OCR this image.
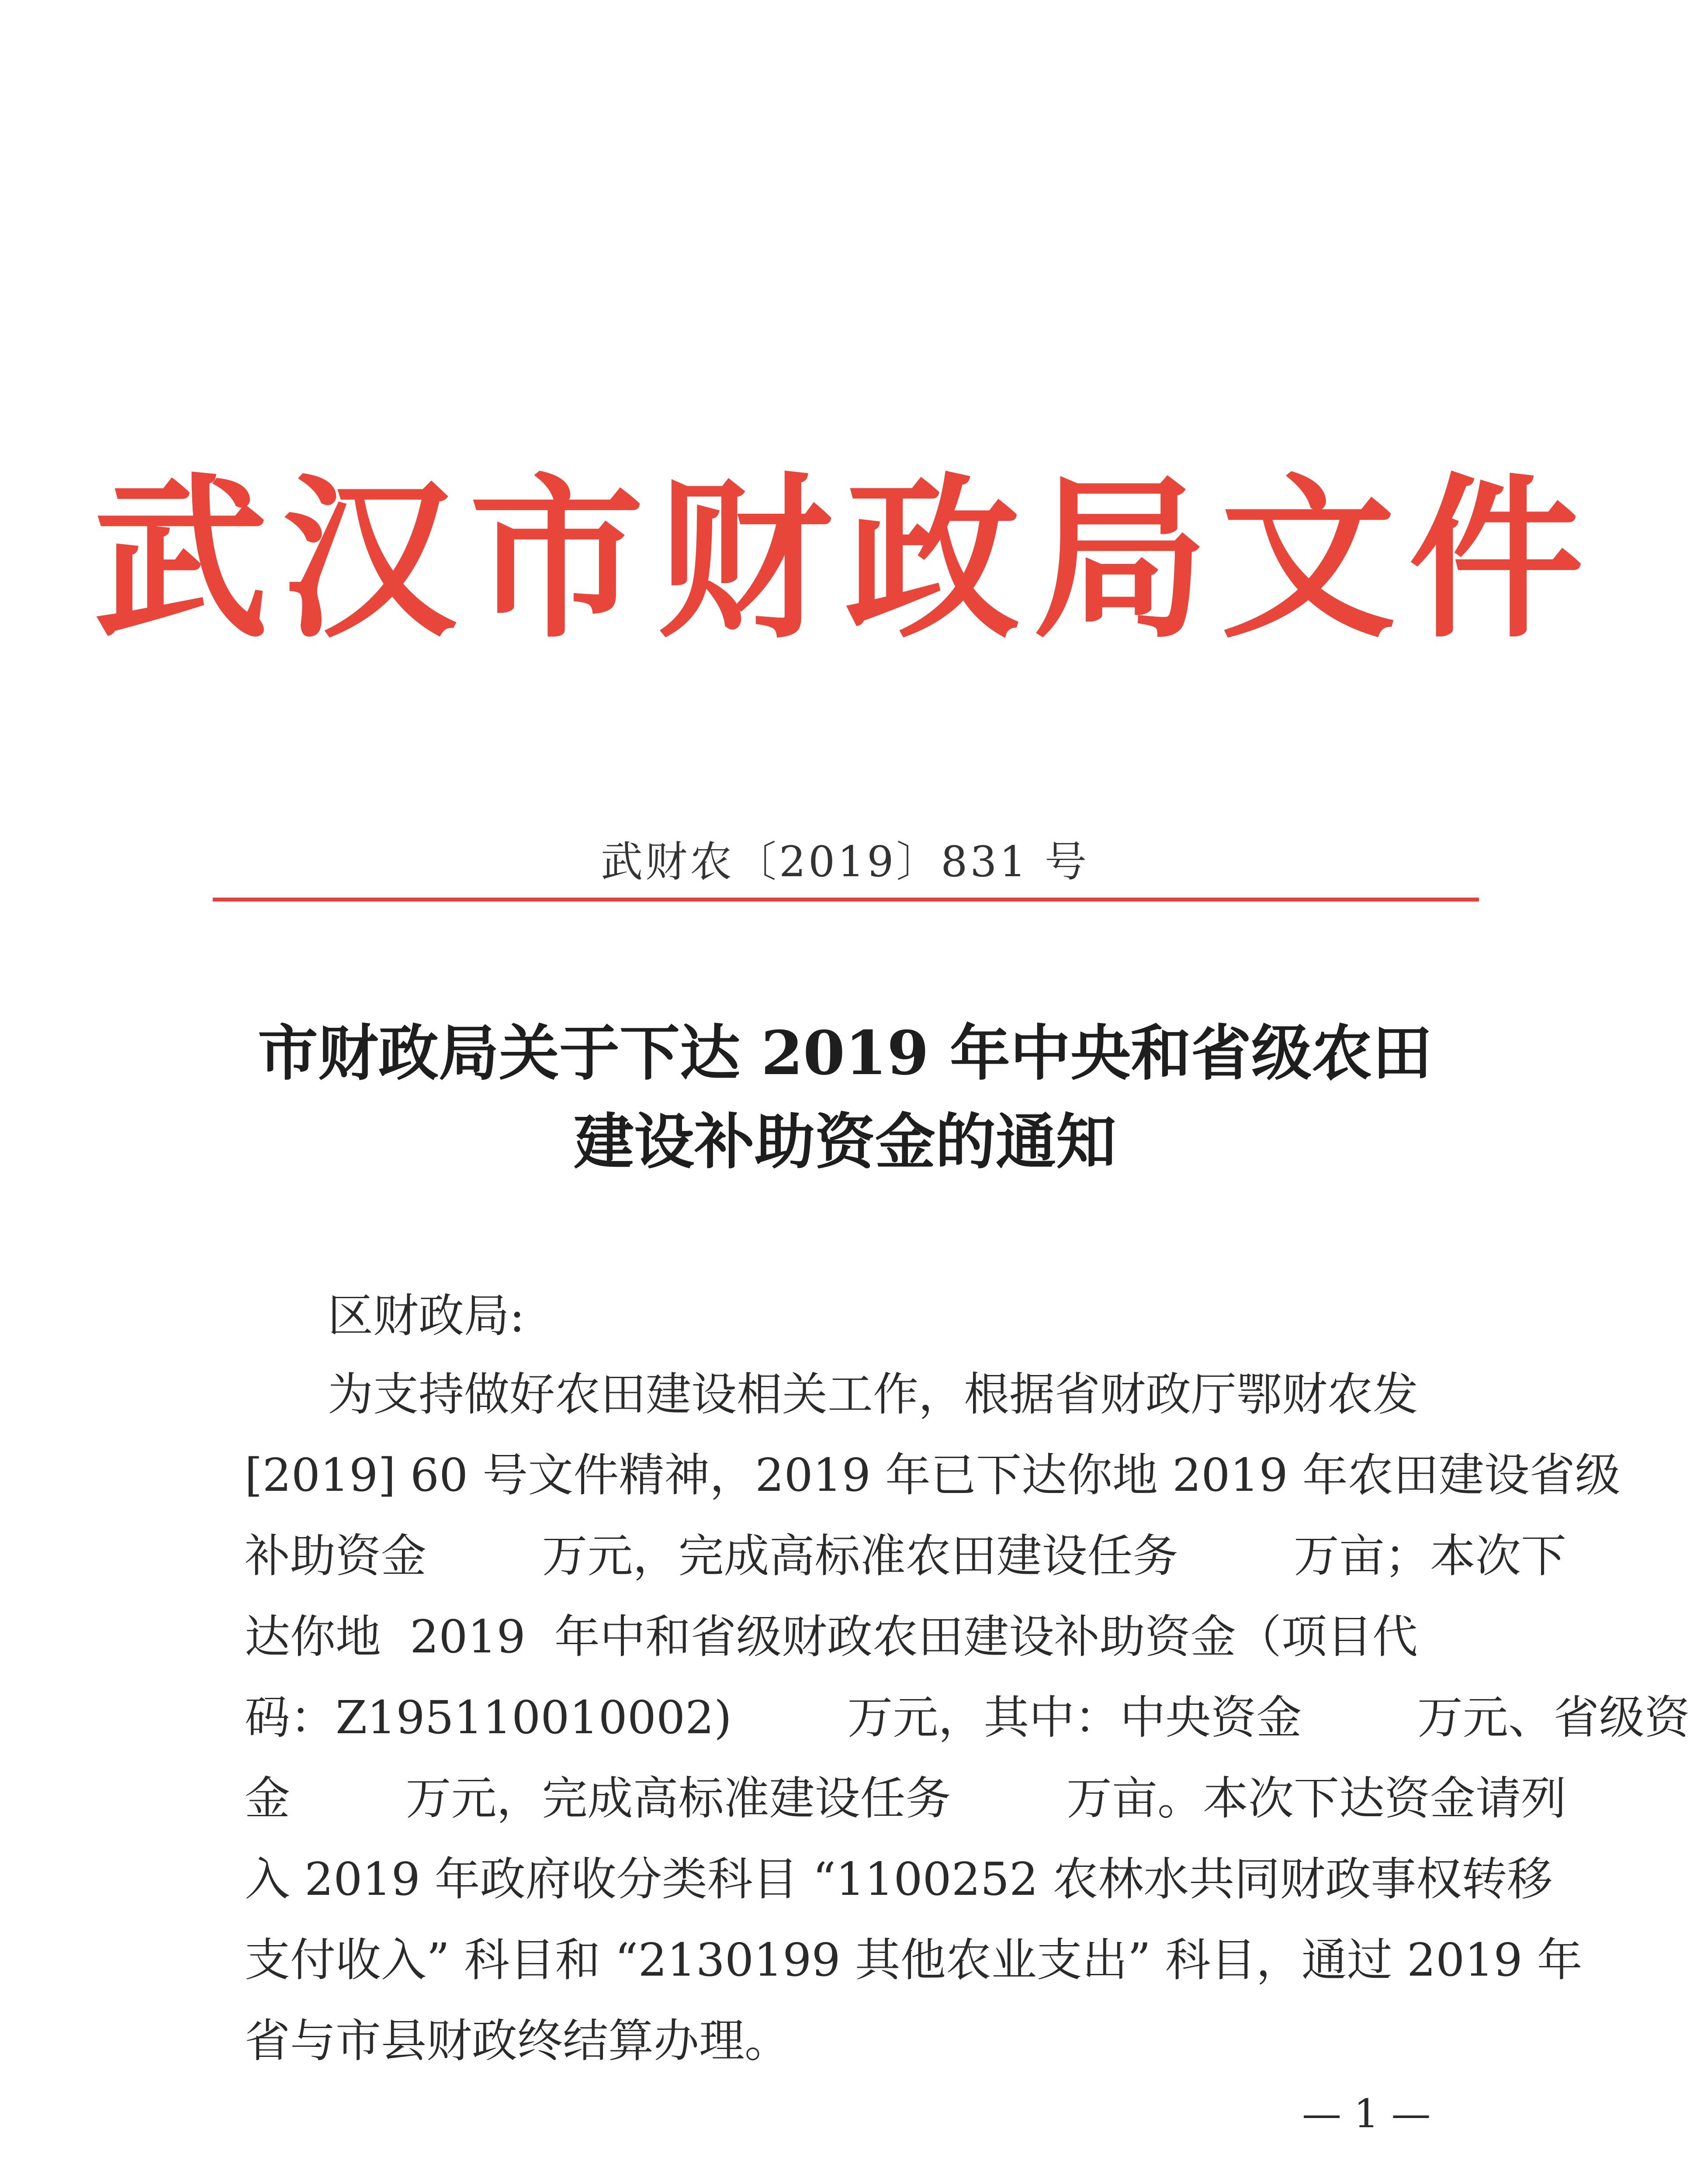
武汉市财政局文件
武财农〔2019〕831 号
市财政局关于下达 2019 年中央和省级农田
建设补助资金的通知
区财政局:
为支持做好农田建设相关工作，根据省财政厅鄂财农发
[2019] 60 号文件精神，2019 年已下达你地 2019 年农田建设省级
补助资金        万元，完成高标准农田建设任务        万亩；本次下
达你地  2019  年中和省级财政农田建设补助资金（项目代
码：Z195110010002)        万元，其中：中央资金        万元、省级资
金        万元，完成高标准建设任务        万亩。本次下达资金请列
入 2019 年政府收分类科目 “1100252 农林水共同财政事权转移
支付收入” 科目和 “2130199 其他农业支出” 科目，通过 2019 年
省与市县财政终结算办理。
— 1 —
